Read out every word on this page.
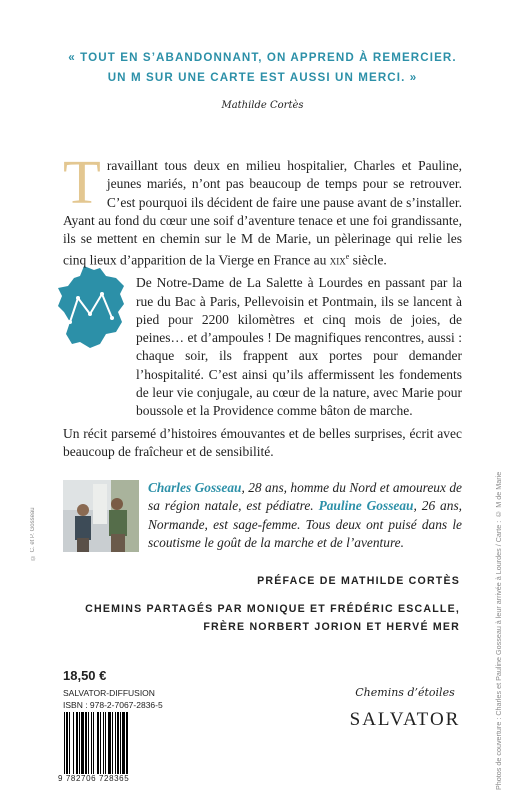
« TOUT EN S’ABANDONNANT, ON APPREND À REMERCIER.
UN M SUR UNE CARTE EST AUSSI UN MERCI. »
Mathilde Cortès

Travaillant tous deux en milieu hospitalier, Charles et Pauline, jeunes mariés, n’ont pas beaucoup de temps pour se retrouver. C’est pourquoi ils décident de faire une pause avant de s’installer. Ayant au fond du cœur une soif d’aventure tenace et une foi grandissante, ils se mettent en chemin sur le M de Marie, un pèlerinage qui relie les cinq lieux d’apparition de la Vierge en France au xix$^e$ siècle.

De Notre-Dame de La Salette à Lourdes en passant par la rue du Bac à Paris, Pellevoisin et Pontmain, ils se lancent à pied pour 2200 kilomètres et cinq mois de joies, de peines… et d’ampoules ! De magnifiques rencontres, aussi : chaque soir, ils frappent aux portes pour demander l’hospitalité. C’est ainsi qu’ils affermissent les fondements de leur vie conjugale, au cœur de la nature, avec Marie pour boussole et la Providence comme bâton de marche.

Un récit parsemé d’histoires émouvantes et de belles surprises, écrit avec beaucoup de fraîcheur et de sensibilité.

© C. et P. Gosseau
Charles Gosseau, 28 ans, homme du Nord et amoureux de sa région natale, est pédiatre. Pauline Gosseau, 26 ans, Normande, est sage-femme. Tous deux ont puisé dans le scoutisme le goût de la marche et de l’aventure.
PRÉFACE DE MATHILDE CORTÈS
CHEMINS PARTAGÉS PAR MONIQUE ET FRÉDÉRIC ESCALLE,
FRÈRE NORBERT JORION ET HERVÉ MER
18,50 €
SALVATOR-DIFFUSION
ISBN : 978-2-7067-2836-5
9 782706 728365
Chemins d’étoiles
SALVATOR	Photos de couverture : Charles et Pauline Gosseau à leur arrivée à Lourdes / Carte : © M de Marie
